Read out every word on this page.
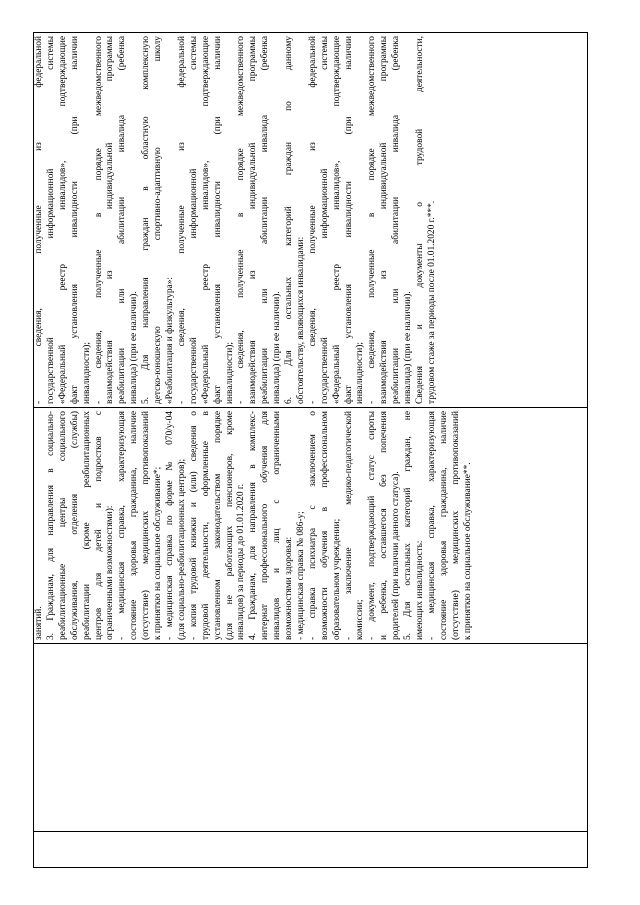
занятий. 3. Гражданам, для направления в социально- реабилитационные центры социального обслуживания, отделения (службы) реабилитации (кроме реабилитационных центров для детей и подростков с ограниченными возможностями): - медицинская справка, характеризующая состояние здоровья гражданина, наличие (отсутствие) медицинских противопоказаний к приняткю на социальное обслуживание*; - медицинская справка по форме № 070/у-04 (для социально-реабилитационных центров); - копия трудовой книжки и (или) сведения о трудовой деятельности, оформленные в установленном законодательством порядке (для не работающих пенсионеров, кроме инвалидов) за периоды до 01.01.2020 г. 4. Гражданам, для направления в комплекс- интернат профессионального обучения для инвалидов и лиц с ограниченными возможностями здоровья: - медицинская справка № 086-у; - справка психиатра с заключением о возможности обучения в профессиональном образовательном учреждении; - заключение медико-педагогической комиссии; - документ, подтверждающий статус сироты и ребенка, оставшегося без попечения родителей (при наличии данного статуса). 5. Для остальных категорий граждан, не имеющих инвалидность: - медицинская справка, характеризующая состояние здоровья гражданина, наличие (отсутствие) медицинских противопоказаний к приняткю на социальное обслуживание**.

- сведения, полученные из федеральной государственной информационной системы «Федеральный реестр инвалидов», подтверждающие факт установления инвалидности (при наличии инвалидности); - сведения, полученные в порядке межведомственного взаимодействия из индивидуальной программы реабилитации или абилитации инвалида (ребенка инвалида) (при ее наличии). 5. Для направления граждан в областную комплексную детско-юношескую спортивно-адаптивную школу «Реабилитация и физкультура»: - сведения, полученные из федеральной государственной информационной системы «Федеральный реестр инвалидов», подтверждающие факт установления инвалидности (при наличии инвалидности); - сведения, полученные в порядке межведомственного взаимодействия из индивидуальной программы реабилитации или абилитации инвалида (ребенка инвалида) (при ее наличии). 6. Для остальных категорий граждан по данному обстоятельству, являющихся инвалидами: - сведения, полученные из федеральной государственной информационной системы «Федеральный реестр инвалидов», подтверждающие факт установления инвалидности (при наличии инвалидности); - сведения, полученные в порядке межведомственного взаимодействия из индивидуальной программы реабилитации или абилитации инвалида (ребенка инвалида) (при ее наличии). Сведения и документы о трудовой деятельности, трудовом стаже за периоды после 01.01.2020 г.***.
